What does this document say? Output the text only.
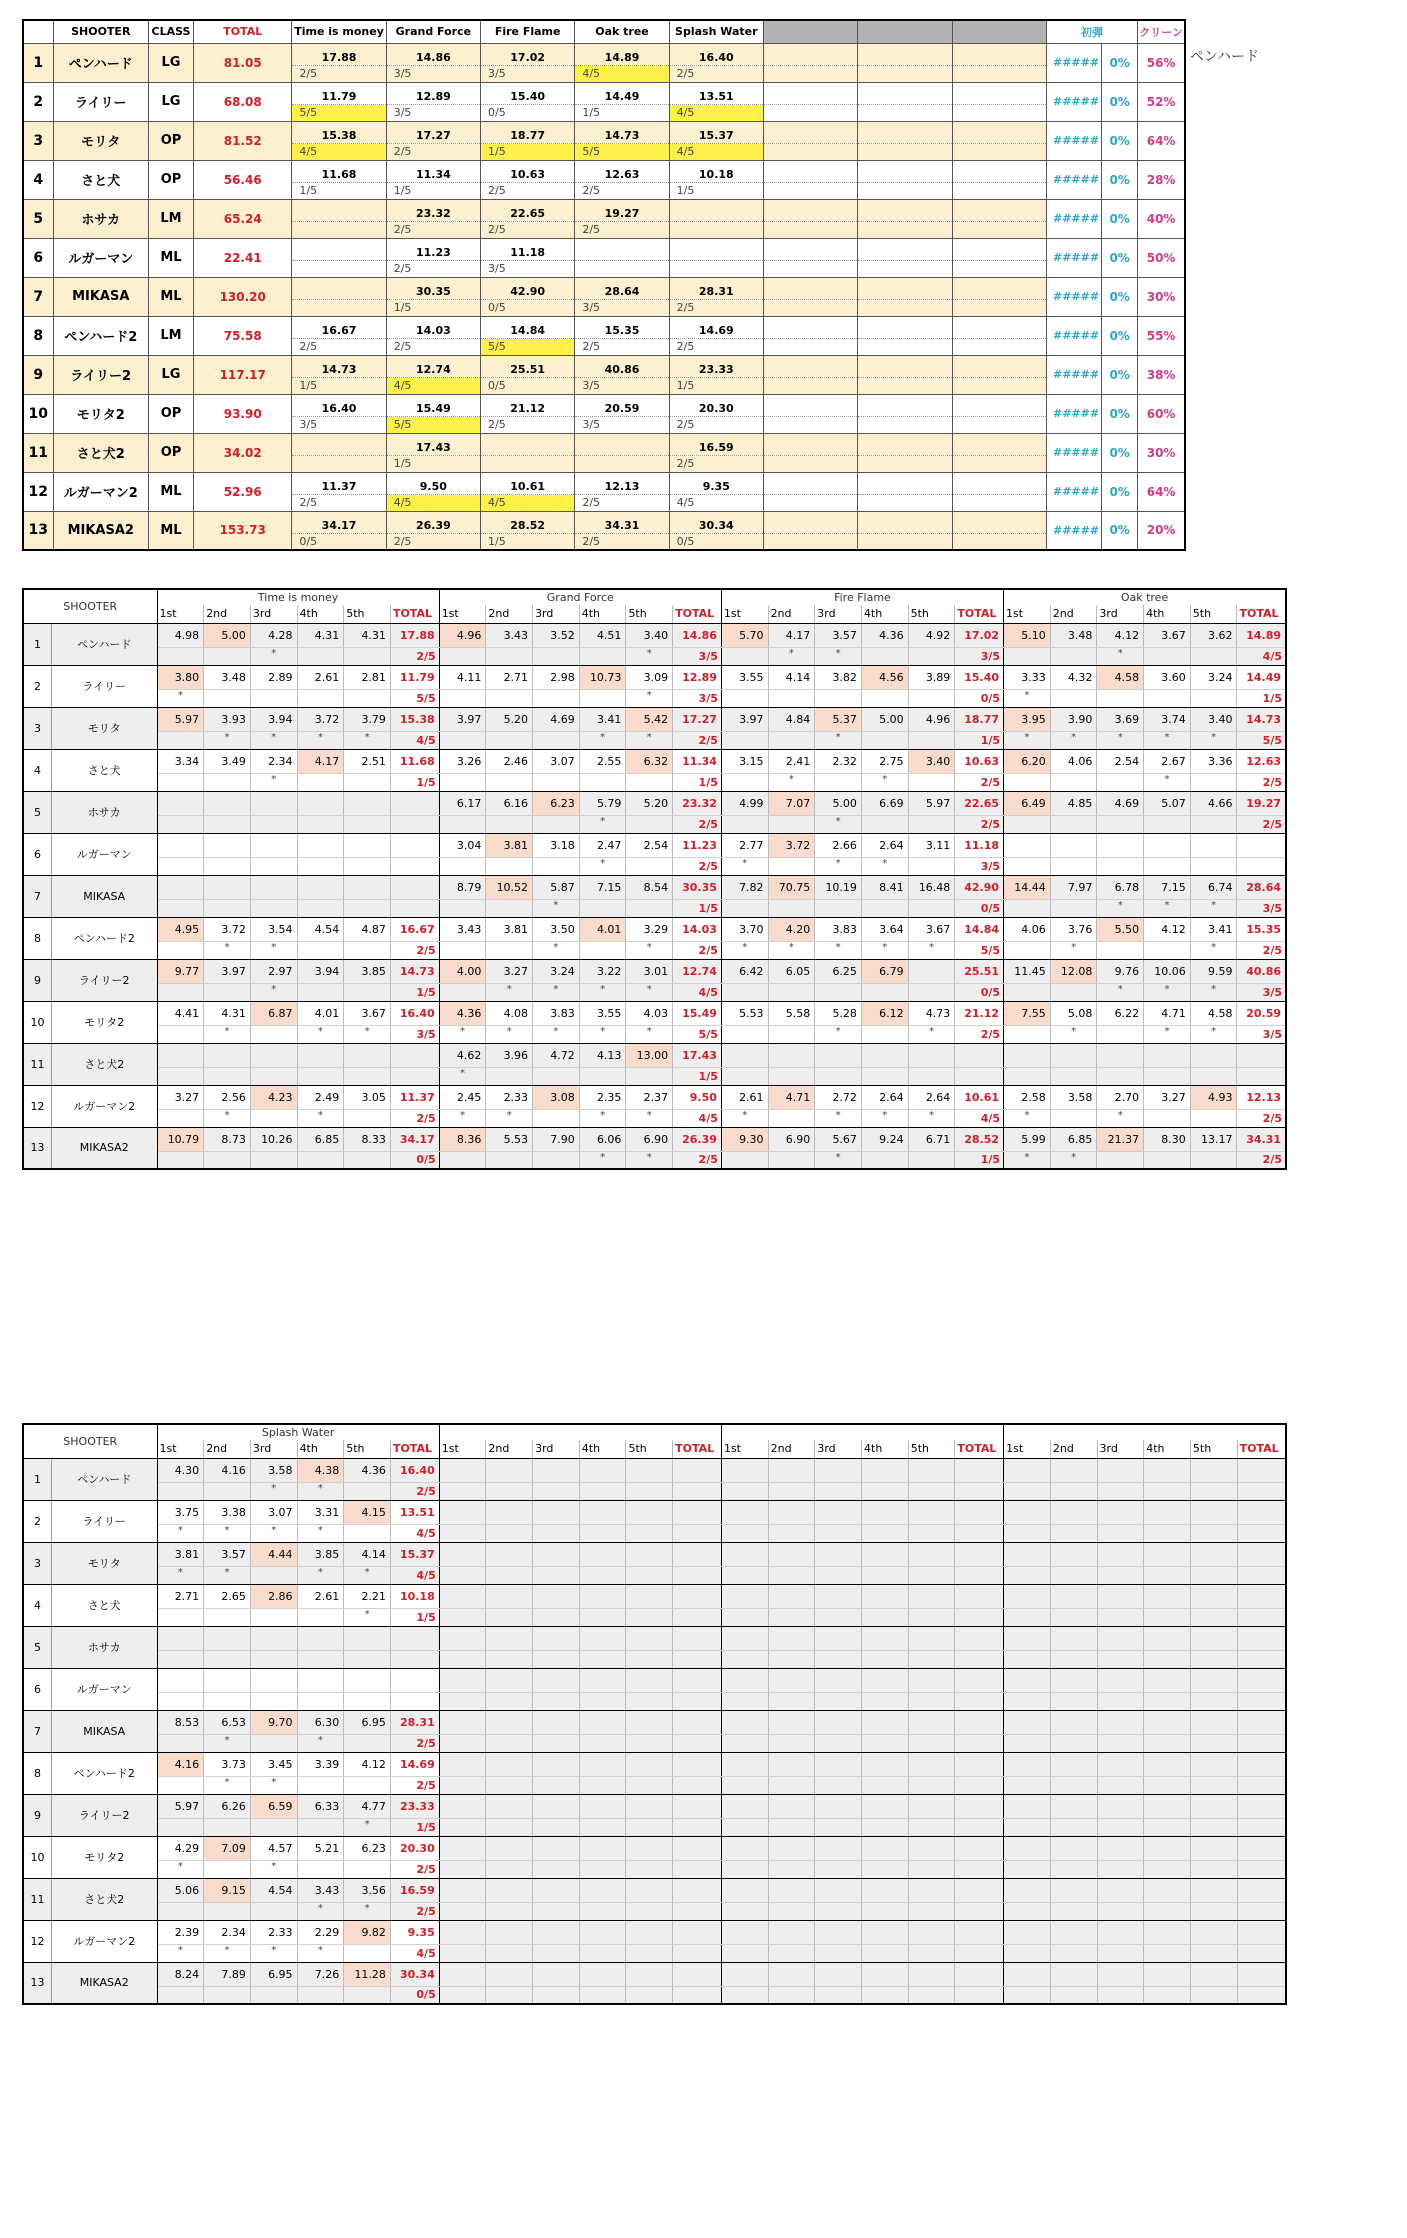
	SHOOTER	CLASS	TOTAL	Time is money	Grand Force	Fire Flame	Oak tree	Splash Water				初弾		クリーン
1	ペンハード	LG	81.05	17.88	14.86	17.02	14.89	16.40				#####	0%	56%
				2/5	3/5	3/5	4/5	2/5						
2	ライリー	LG	68.08	11.79	12.89	15.40	14.49	13.51				#####	0%	52%
				5/5	3/5	0/5	1/5	4/5						
3	モリタ	OP	81.52	15.38	17.27	18.77	14.73	15.37				#####	0%	64%
				4/5	2/5	1/5	5/5	4/5						
4	さと犬	OP	56.46	11.68	11.34	10.63	12.63	10.18				#####	0%	28%
				1/5	1/5	2/5	2/5	1/5						
5	ホサカ	LM	65.24		23.32	22.65	19.27					#####	0%	40%
					2/5	2/5	2/5							
6	ルガーマン	ML	22.41		11.23	11.18						#####	0%	50%
					2/5	3/5								
7	MIKASA	ML	130.20		30.35	42.90	28.64	28.31				#####	0%	30%
					1/5	0/5	3/5	2/5						
8	ペンハード2	LM	75.58	16.67	14.03	14.84	15.35	14.69				#####	0%	55%
				2/5	2/5	5/5	2/5	2/5						
9	ライリー2	LG	117.17	14.73	12.74	25.51	40.86	23.33				#####	0%	38%
				1/5	4/5	0/5	3/5	1/5						
10	モリタ2	OP	93.90	16.40	15.49	21.12	20.59	20.30				#####	0%	60%
				3/5	5/5	2/5	3/5	2/5						
11	さと犬2	OP	34.02		17.43			16.59				#####	0%	30%
					1/5			2/5						
12	ルガーマン2	ML	52.96	11.37	9.50	10.61	12.13	9.35				#####	0%	64%
				2/5	4/5	4/5	2/5	4/5						
13	MIKASA2	ML	153.73	34.17	26.39	28.52	34.31	30.34				#####	0%	20%
				0/5	2/5	1/5	2/5	0/5						
ペンハード
SHOOTER		Time is money						Grand Force						Fire Flame						Oak tree					
		1st	2nd	3rd	4th	5th	TOTAL	1st	2nd	3rd	4th	5th	TOTAL	1st	2nd	3rd	4th	5th	TOTAL	1st	2nd	3rd	4th	5th	TOTAL
1	ペンハード	4.98	5.00	4.28	4.31	4.31	17.88	4.96	3.43	3.52	4.51	3.40	14.86	5.70	4.17	3.57	4.36	4.92	17.02	5.10	3.48	4.12	3.67	3.62	14.89
				*			2/5					*	3/5		*	*			3/5			*			4/5
2	ライリー	3.80	3.48	2.89	2.61	2.81	11.79	4.11	2.71	2.98	10.73	3.09	12.89	3.55	4.14	3.82	4.56	3.89	15.40	3.33	4.32	4.58	3.60	3.24	14.49
		*					5/5					*	3/5						0/5	*					1/5
3	モリタ	5.97	3.93	3.94	3.72	3.79	15.38	3.97	5.20	4.69	3.41	5.42	17.27	3.97	4.84	5.37	5.00	4.96	18.77	3.95	3.90	3.69	3.74	3.40	14.73
			*	*	*	*	4/5				*	*	2/5			*			1/5	*	*	*	*	*	5/5
4	さと犬	3.34	3.49	2.34	4.17	2.51	11.68	3.26	2.46	3.07	2.55	6.32	11.34	3.15	2.41	2.32	2.75	3.40	10.63	6.20	4.06	2.54	2.67	3.36	12.63
				*			1/5						1/5		*		*		2/5				*		2/5
5	ホサカ							6.17	6.16	6.23	5.79	5.20	23.32	4.99	7.07	5.00	6.69	5.97	22.65	6.49	4.85	4.69	5.07	4.66	19.27
											*		2/5			*			2/5						2/5
6	ルガーマン							3.04	3.81	3.18	2.47	2.54	11.23	2.77	3.72	2.66	2.64	3.11	11.18						
											*		2/5	*		*	*		3/5						
7	MIKASA							8.79	10.52	5.87	7.15	8.54	30.35	7.82	70.75	10.19	8.41	16.48	42.90	14.44	7.97	6.78	7.15	6.74	28.64
										*			1/5						0/5			*	*	*	3/5
8	ペンハード2	4.95	3.72	3.54	4.54	4.87	16.67	3.43	3.81	3.50	4.01	3.29	14.03	3.70	4.20	3.83	3.64	3.67	14.84	4.06	3.76	5.50	4.12	3.41	15.35
			*	*			2/5			*		*	2/5	*	*	*	*	*	5/5		*			*	2/5
9	ライリー2	9.77	3.97	2.97	3.94	3.85	14.73	4.00	3.27	3.24	3.22	3.01	12.74	6.42	6.05	6.25	6.79		25.51	11.45	12.08	9.76	10.06	9.59	40.86
				*			1/5		*	*	*	*	4/5						0/5			*	*	*	3/5
10	モリタ2	4.41	4.31	6.87	4.01	3.67	16.40	4.36	4.08	3.83	3.55	4.03	15.49	5.53	5.58	5.28	6.12	4.73	21.12	7.55	5.08	6.22	4.71	4.58	20.59
			*		*	*	3/5	*	*	*	*	*	5/5			*		*	2/5		*		*	*	3/5
11	さと犬2							4.62	3.96	4.72	4.13	13.00	17.43												
								*					1/5												
12	ルガーマン2	3.27	2.56	4.23	2.49	3.05	11.37	2.45	2.33	3.08	2.35	2.37	9.50	2.61	4.71	2.72	2.64	2.64	10.61	2.58	3.58	2.70	3.27	4.93	12.13
			*		*		2/5	*	*		*	*	4/5	*		*	*	*	4/5	*		*			2/5
13	MIKASA2	10.79	8.73	10.26	6.85	8.33	34.17	8.36	5.53	7.90	6.06	6.90	26.39	9.30	6.90	5.67	9.24	6.71	28.52	5.99	6.85	21.37	8.30	13.17	34.31
							0/5				*	*	2/5			*			1/5	*	*				2/5
SHOOTER		Splash Water																							
		1st	2nd	3rd	4th	5th	TOTAL	1st	2nd	3rd	4th	5th	TOTAL	1st	2nd	3rd	4th	5th	TOTAL	1st	2nd	3rd	4th	5th	TOTAL
1	ペンハード	4.30	4.16	3.58	4.38	4.36	16.40																		
				*	*		2/5																		
2	ライリー	3.75	3.38	3.07	3.31	4.15	13.51																		
		*	*	*	*		4/5																		
3	モリタ	3.81	3.57	4.44	3.85	4.14	15.37																		
		*	*		*	*	4/5																		
4	さと犬	2.71	2.65	2.86	2.61	2.21	10.18																		
						*	1/5																		
5	ホサカ																								

6	ルガーマン																								

7	MIKASA	8.53	6.53	9.70	6.30	6.95	28.31																		
			*		*		2/5																		
8	ペンハード2	4.16	3.73	3.45	3.39	4.12	14.69																		
			*	*			2/5																		
9	ライリー2	5.97	6.26	6.59	6.33	4.77	23.33																		
						*	1/5																		
10	モリタ2	4.29	7.09	4.57	5.21	6.23	20.30																		
		*		*			2/5																		
11	さと犬2	5.06	9.15	4.54	3.43	3.56	16.59																		
					*	*	2/5																		
12	ルガーマン2	2.39	2.34	2.33	2.29	9.82	9.35																		
		*	*	*	*		4/5																		
13	MIKASA2	8.24	7.89	6.95	7.26	11.28	30.34																		
							0/5																		
